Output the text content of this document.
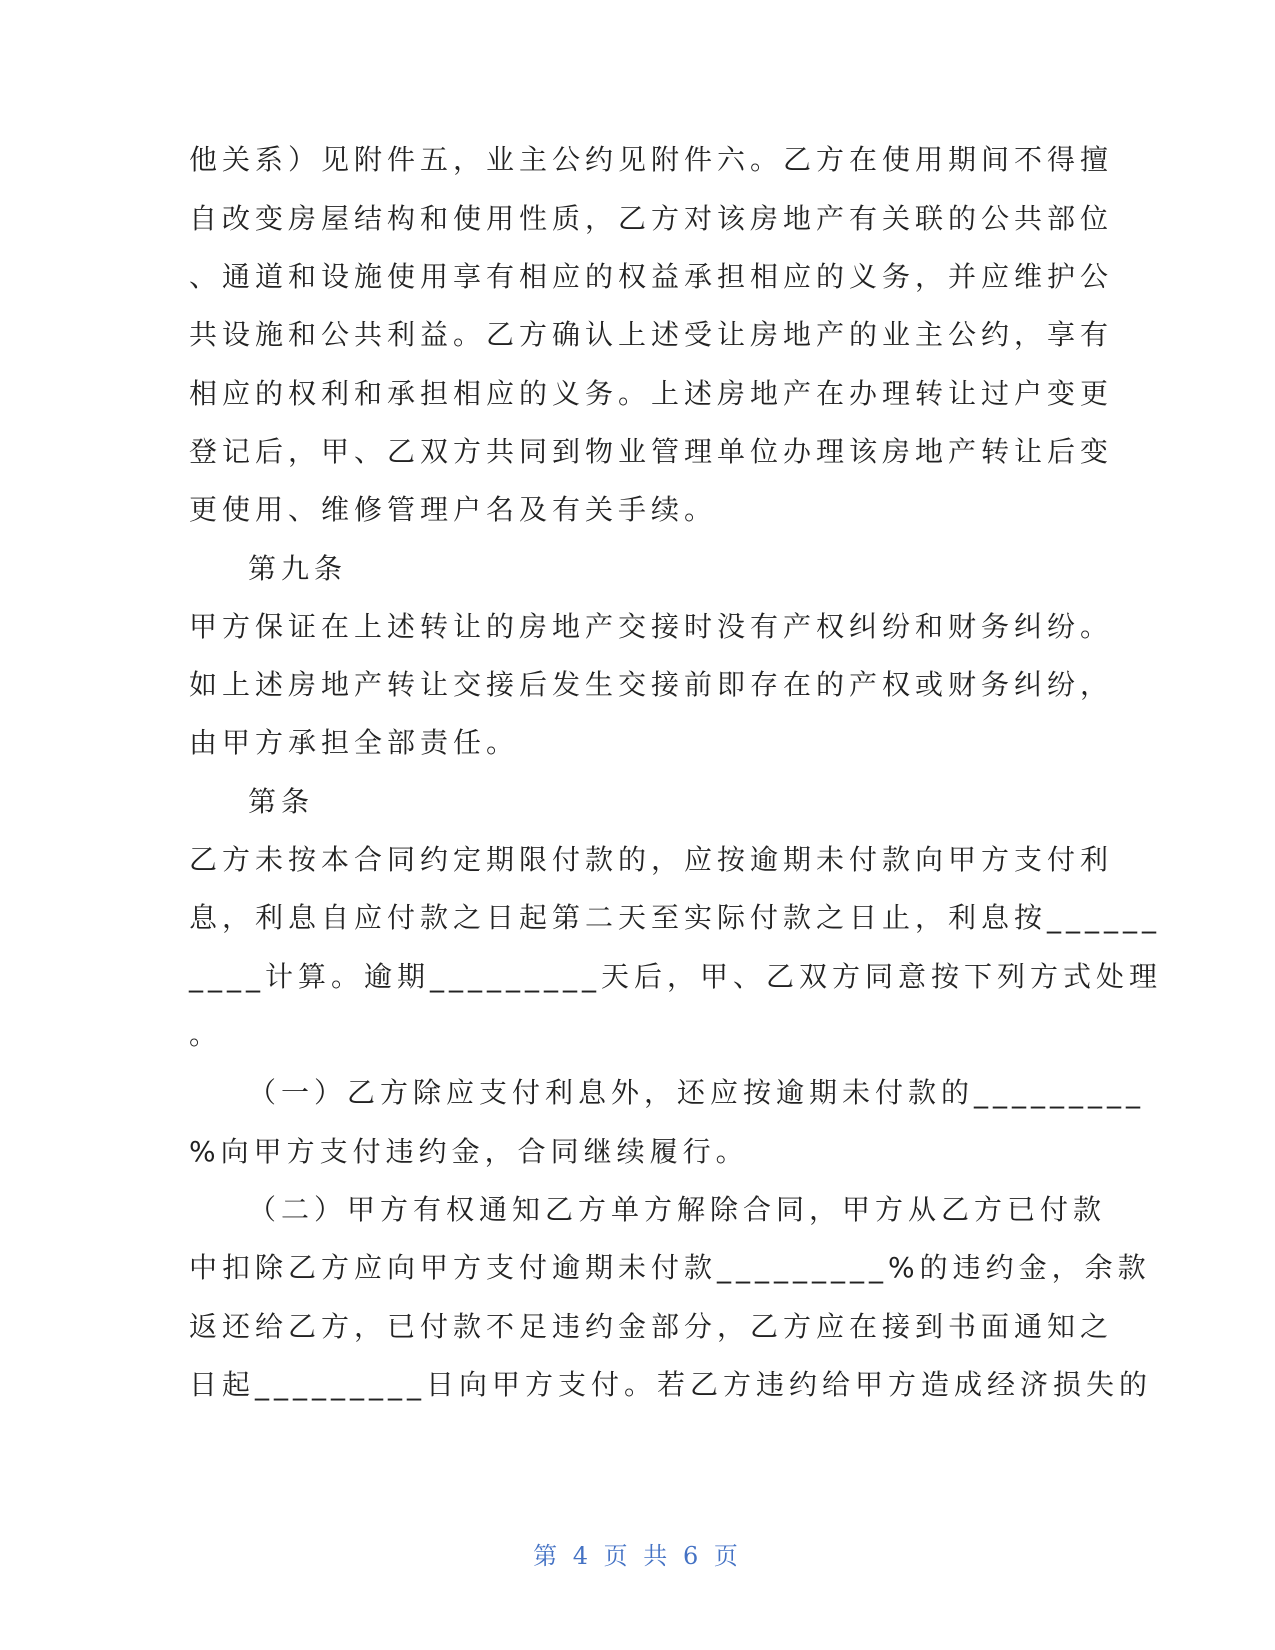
他关系）见附件五，业主公约见附件六。乙方在使用期间不得擅
自改变房屋结构和使用性质，乙方对该房地产有关联的公共部位
、通道和设施使用享有相应的权益承担相应的义务，并应维护公
共设施和公共利益。乙方确认上述受让房地产的业主公约，享有
相应的权利和承担相应的义务。上述房地产在办理转让过户变更
登记后，甲、乙双方共同到物业管理单位办理该房地产转让后变
更使用、维修管理户名及有关手续。
第九条
甲方保证在上述转让的房地产交接时没有产权纠纷和财务纠纷。
如上述房地产转让交接后发生交接前即存在的产权或财务纠纷，
由甲方承担全部责任。
第条
乙方未按本合同约定期限付款的，应按逾期未付款向甲方支付利
息，利息自应付款之日起第二天至实际付款之日止，利息按______
____计算。逾期_________天后，甲、乙双方同意按下列方式处理
。
（一）乙方除应支付利息外，还应按逾期未付款的_________
%向甲方支付违约金，合同继续履行。
（二）甲方有权通知乙方单方解除合同，甲方从乙方已付款
中扣除乙方应向甲方支付逾期未付款_________%的违约金，余款
返还给乙方，已付款不足违约金部分，乙方应在接到书面通知之
日起_________日向甲方支付。若乙方违约给甲方造成经济损失的
第 4 页 共 6 页
